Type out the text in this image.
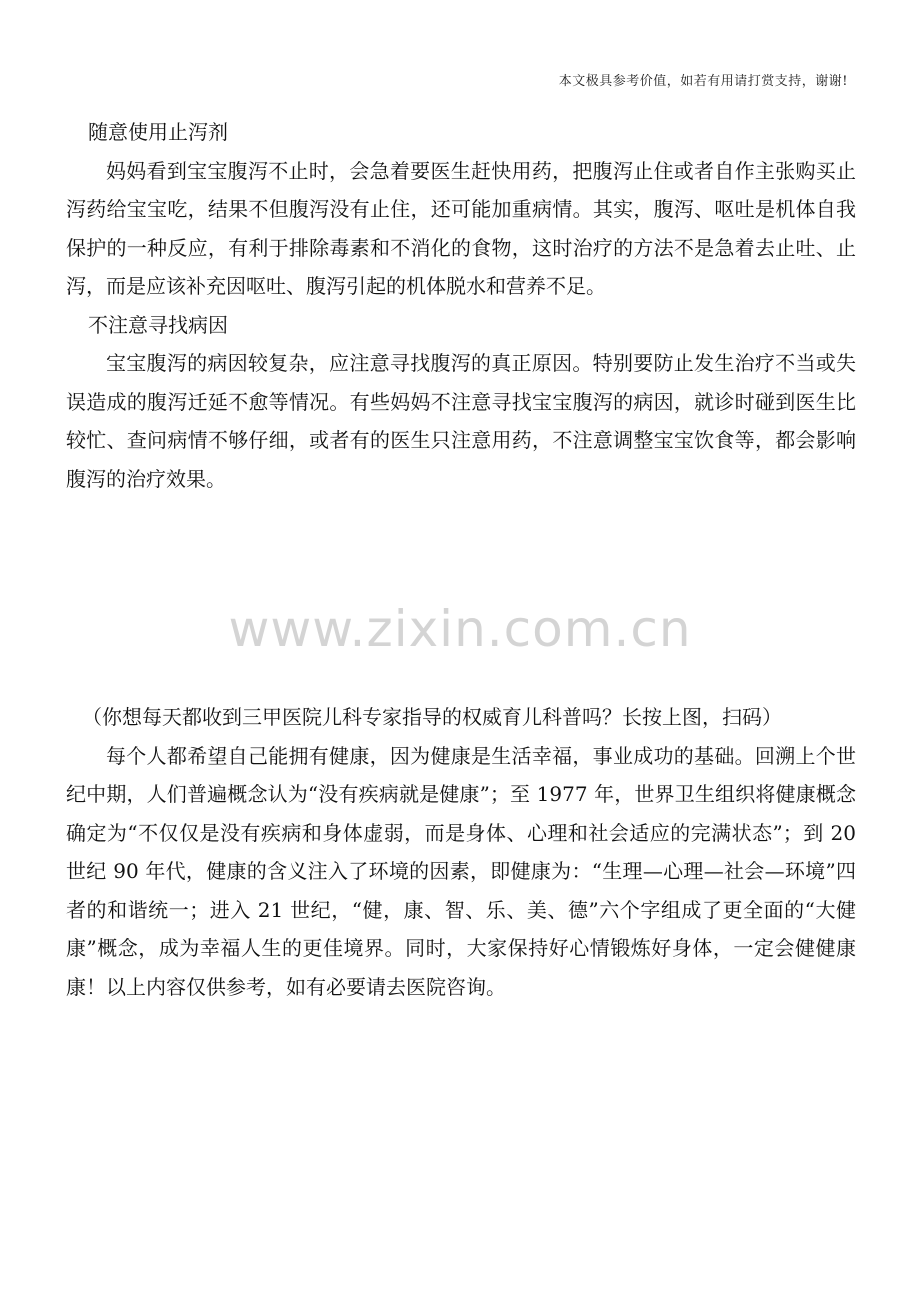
本文极具参考价值，如若有用请打赏支持，谢谢!

随意使用止泻剂

妈妈看到宝宝腹泻不止时，会急着要医生赶快用药，把腹泻止住或者自作主张购买止泻药给宝宝吃，结果不但腹泻没有止住，还可能加重病情。其实，腹泻、呕吐是机体自我保护的一种反应，有利于排除毒素和不消化的食物，这时治疗的方法不是急着去止吐、止泻，而是应该补充因呕吐、腹泻引起的机体脱水和营养不足。

不注意寻找病因

宝宝腹泻的病因较复杂，应注意寻找腹泻的真正原因。特别要防止发生治疗不当或失误造成的腹泻迁延不愈等情况。有些妈妈不注意寻找宝宝腹泻的病因，就诊时碰到医生比较忙、查问病情不够仔细，或者有的医生只注意用药，不注意调整宝宝饮食等，都会影响腹泻的治疗效果。

www.zixin.com.cn

（你想每天都收到三甲医院儿科专家指导的权威育儿科普吗？长按上图，扫码）

每个人都希望自己能拥有健康，因为健康是生活幸福，事业成功的基础。回溯上个世纪中期，人们普遍概念认为“没有疾病就是健康”；至 1977 年，世界卫生组织将健康概念确定为“不仅仅是没有疾病和身体虚弱，而是身体、心理和社会适应的完满状态”；到 20 世纪 90 年代，健康的含义注入了环境的因素，即健康为：“生理—心理—社会—环境”四者的和谐统一；进入 21 世纪，“健，康、智、乐、美、德”六个字组成了更全面的“大健康”概念，成为幸福人生的更佳境界。同时，大家保持好心情锻炼好身体，一定会健健康康！以上内容仅供参考，如有必要请去医院咨询。
